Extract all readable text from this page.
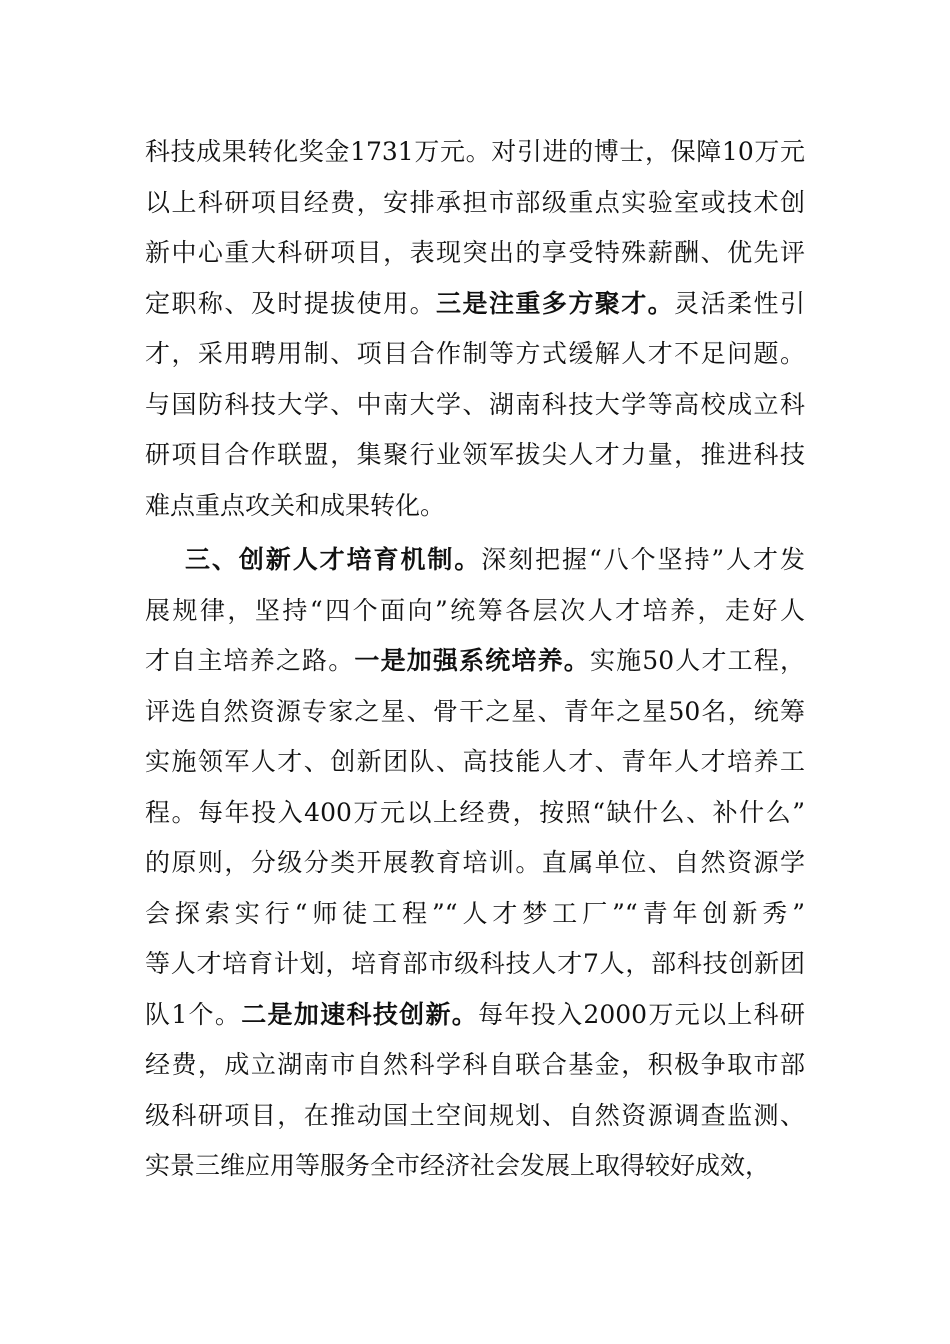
科技成果转化奖金1731万元。对引进的博士，保障10万元
以上科研项目经费，安排承担市部级重点实验室或技术创
新中心重大科研项目，表现突出的享受特殊薪酬、优先评
定职称、及时提拔使用。三是注重多方聚才。灵活柔性引
才，采用聘用制、项目合作制等方式缓解人才不足问题。
与国防科技大学、中南大学、湖南科技大学等高校成立科
研项目合作联盟，集聚行业领军拔尖人才力量，推进科技
难点重点攻关和成果转化。
三、创新人才培育机制。深刻把握“八个坚持”人才发
展规律，坚持“四个面向”统筹各层次人才培养，走好人
才自主培养之路。一是加强系统培养。实施50人才工程，
评选自然资源专家之星、骨干之星、青年之星50名，统筹
实施领军人才、创新团队、高技能人才、青年人才培养工
程。每年投入400万元以上经费，按照“缺什么、补什么”
的原则，分级分类开展教育培训。直属单位、自然资源学
会探索实行“师徒工程”“人才梦工厂”“青年创新秀”
等人才培育计划，培育部市级科技人才7人，部科技创新团
队1个。二是加速科技创新。每年投入2000万元以上科研
经费，成立湖南市自然科学科自联合基金，积极争取市部
级科研项目，在推动国土空间规划、自然资源调查监测、
实景三维应用等服务全市经济社会发展上取得较好成效，
